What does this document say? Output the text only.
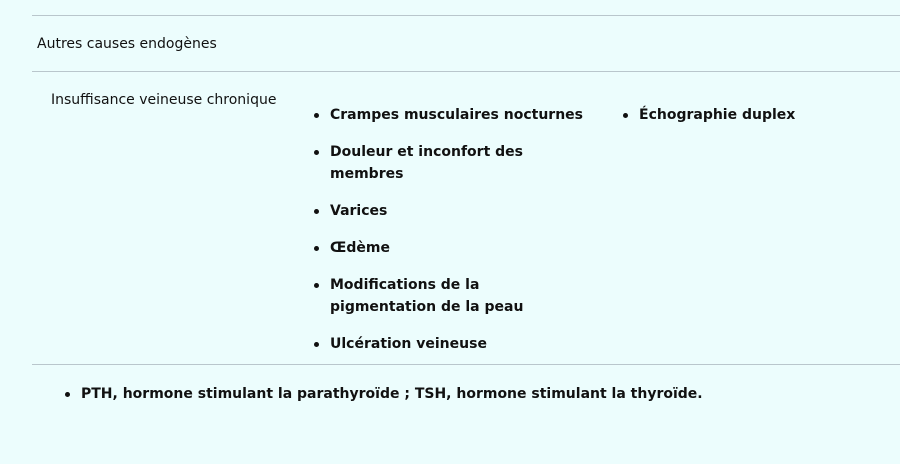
Autres causes endogènes
Insuffisance veineuse chronique
Crampes musculaires nocturnes
Douleur et inconfort des membres
Varices
Œdème
Modifications de la pigmentation de la peau
Ulcération veineuse
Échographie duplex
PTH, hormone stimulant la parathyroïde ; TSH, hormone stimulant la thyroïde.
